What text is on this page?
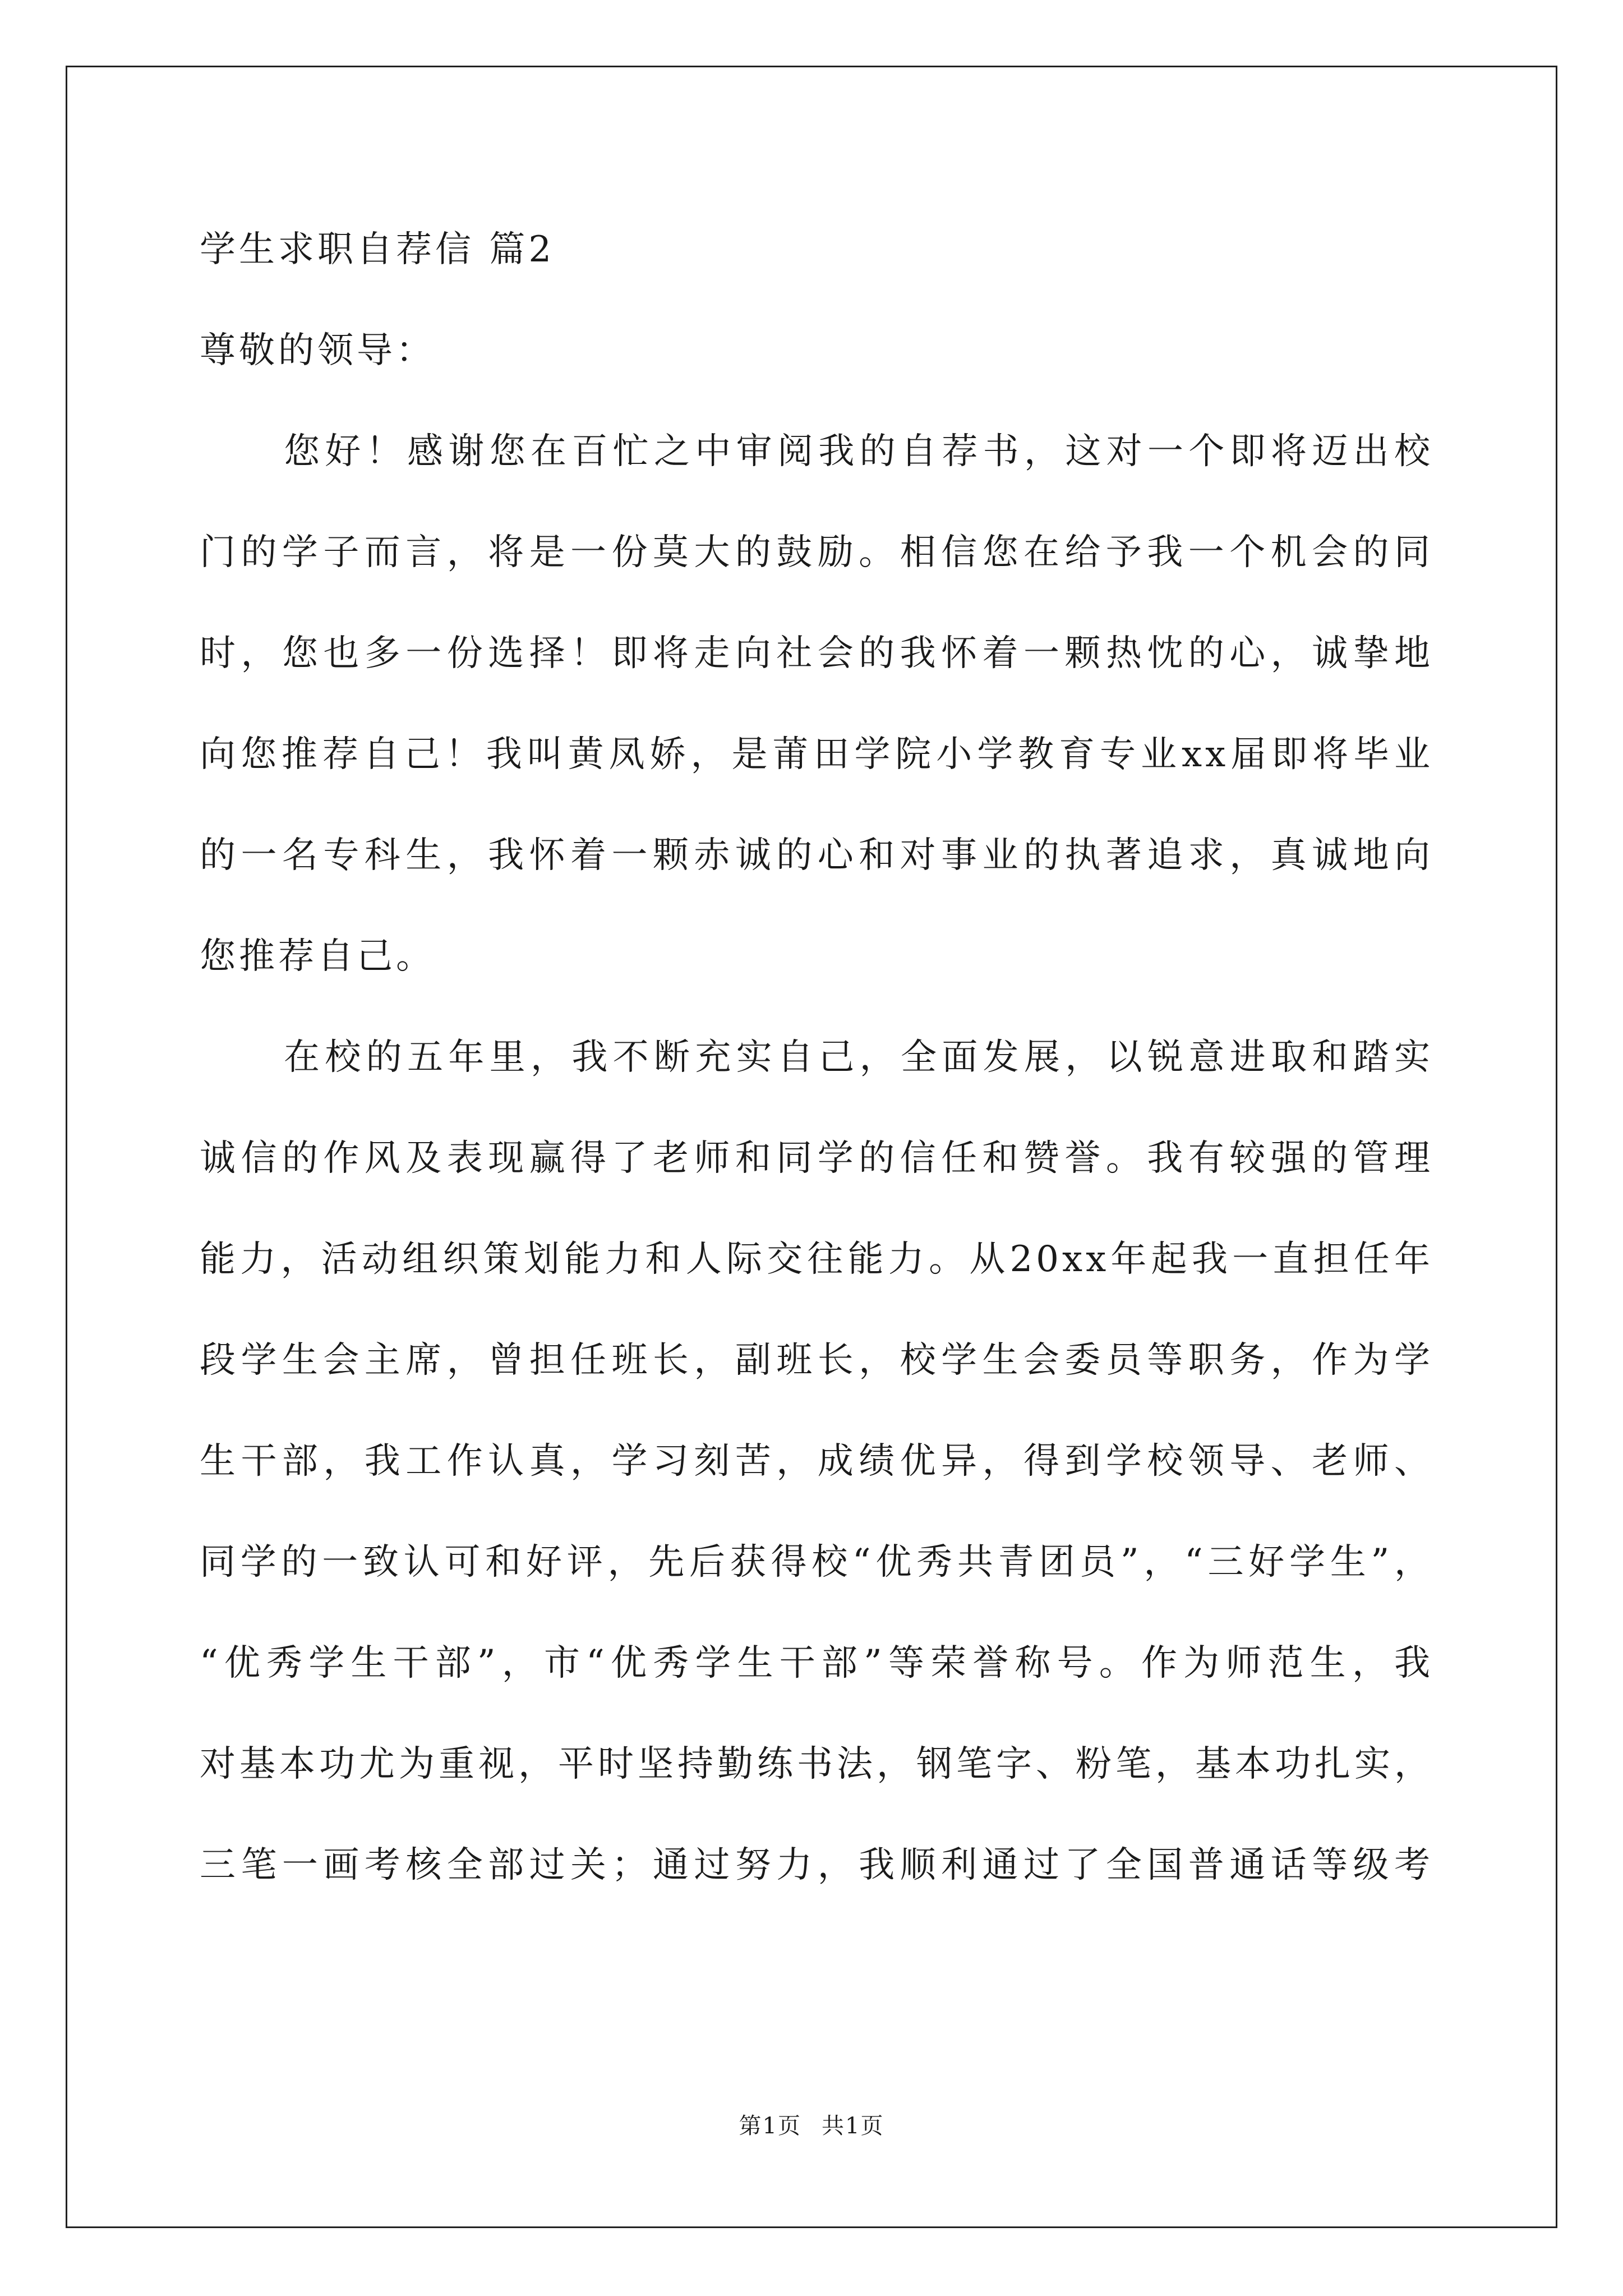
学生求职自荐信 篇2
尊敬的领导：
您好！感谢您在百忙之中审阅我的自荐书，这对一个即将迈出校
门的学子而言，将是一份莫大的鼓励。相信您在给予我一个机会的同
时，您也多一份选择！即将走向社会的我怀着一颗热忱的心，诚挚地
向您推荐自己！我叫黄凤娇，是莆田学院小学教育专业xx届即将毕业
的一名专科生，我怀着一颗赤诚的心和对事业的执著追求，真诚地向
您推荐自己。
在校的五年里，我不断充实自己，全面发展，以锐意进取和踏实
诚信的作风及表现赢得了老师和同学的信任和赞誉。我有较强的管理
能力，活动组织策划能力和人际交往能力。从20xx年起我一直担任年
段学生会主席，曾担任班长，副班长，校学生会委员等职务，作为学
生干部，我工作认真，学习刻苦，成绩优异，得到学校领导、老师、
同学的一致认可和好评，先后获得校“优秀共青团员”，“三好学生”，
“优秀学生干部”，市“优秀学生干部”等荣誉称号。作为师范生，我
对基本功尤为重视，平时坚持勤练书法，钢笔字、粉笔，基本功扎实，
三笔一画考核全部过关；通过努力，我顺利通过了全国普通话等级考
第1页 共1页
